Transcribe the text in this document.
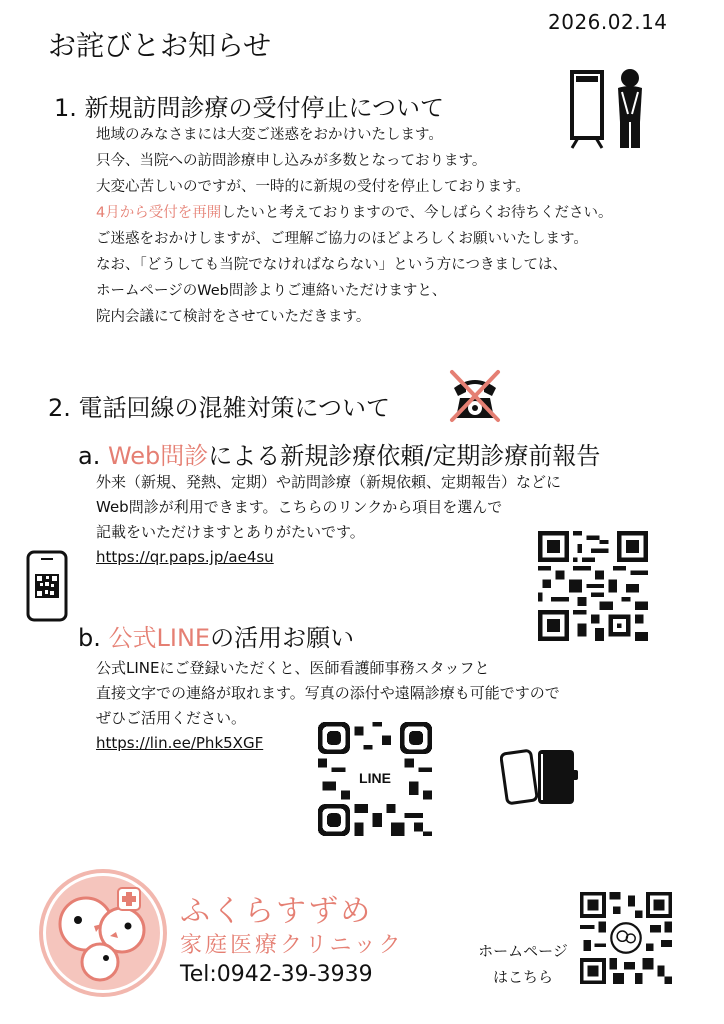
2026.02.14
お詫びとお知らせ
1. 新規訪問診療の受付停止について
地域のみなさまには大変ご迷惑をおかけいたします。
只今、当院への訪問診療申し込みが多数となっております。
大変心苦しいのですが、一時的に新規の受付を停止しております。
4月から受付を再開したいと考えておりますので、今しばらくお待ちください。
ご迷惑をおかけしますが、ご理解ご協力のほどよろしくお願いいたします。
なお、「どうしても当院でなければならない」という方につきましては、
ホームページのWeb問診よりご連絡いただけますと、
院内会議にて検討をさせていただきます。
2. 電話回線の混雑対策について
a. Web問診による新規診療依頼/定期診療前報告
外来（新規、発熱、定期）や訪問診療（新規依頼、定期報告）などに
Web問診が利用できます。こちらのリンクから項目を選んで
記載をいただけますとありがたいです。
https://qr.paps.jp/ae4su
b. 公式LINEの活用お願い
公式LINEにご登録いただくと、医師看護師事務スタッフと
直接文字での連絡が取れます。写真の添付や遠隔診療も可能ですので
ぜひご活用ください。
https://lin.ee/Phk5XGF
LINE
ふくらすずめ
家庭医療クリニック
Tel:0942-39-3939
ホームページ
はこちら
